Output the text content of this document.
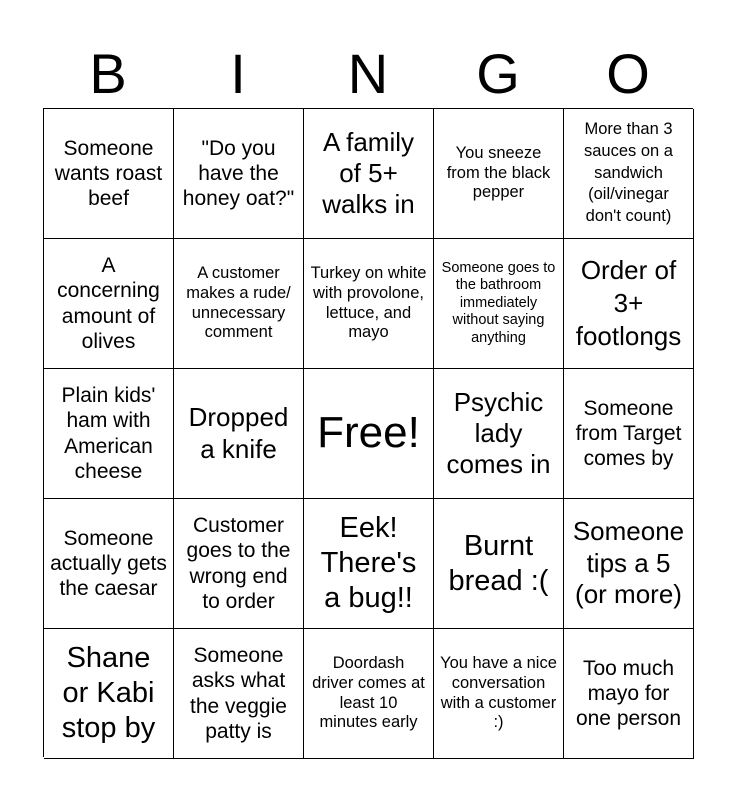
B	I	N	G	O
Someone wants roast beef
"Do you have the honey oat?"
A family of 5+ walks in
You sneeze from the black pepper
More than 3 sauces on a sandwich (oil/vinegar don't count)
A concerning amount of olives
A customer makes a rude/ unnecessary comment
Turkey on white with provolone, lettuce, and mayo
Someone goes to the bathroom immediately without saying anything
Order of 3+ footlongs
Plain kids' ham with American cheese
Dropped a knife Free!
Psychic lady comes in
Someone from Target comes by
Someone actually gets the caesar
Customer goes to the wrong end to order
Eek! There's a bug!!
Burnt bread :(
Someone tips a 5 (or more)
Shane or Kabi stop by
Someone asks what the veggie patty is
Doordash driver comes at least 10 minutes early
You have a nice conversation with a customer :)
Too much mayo for one person
